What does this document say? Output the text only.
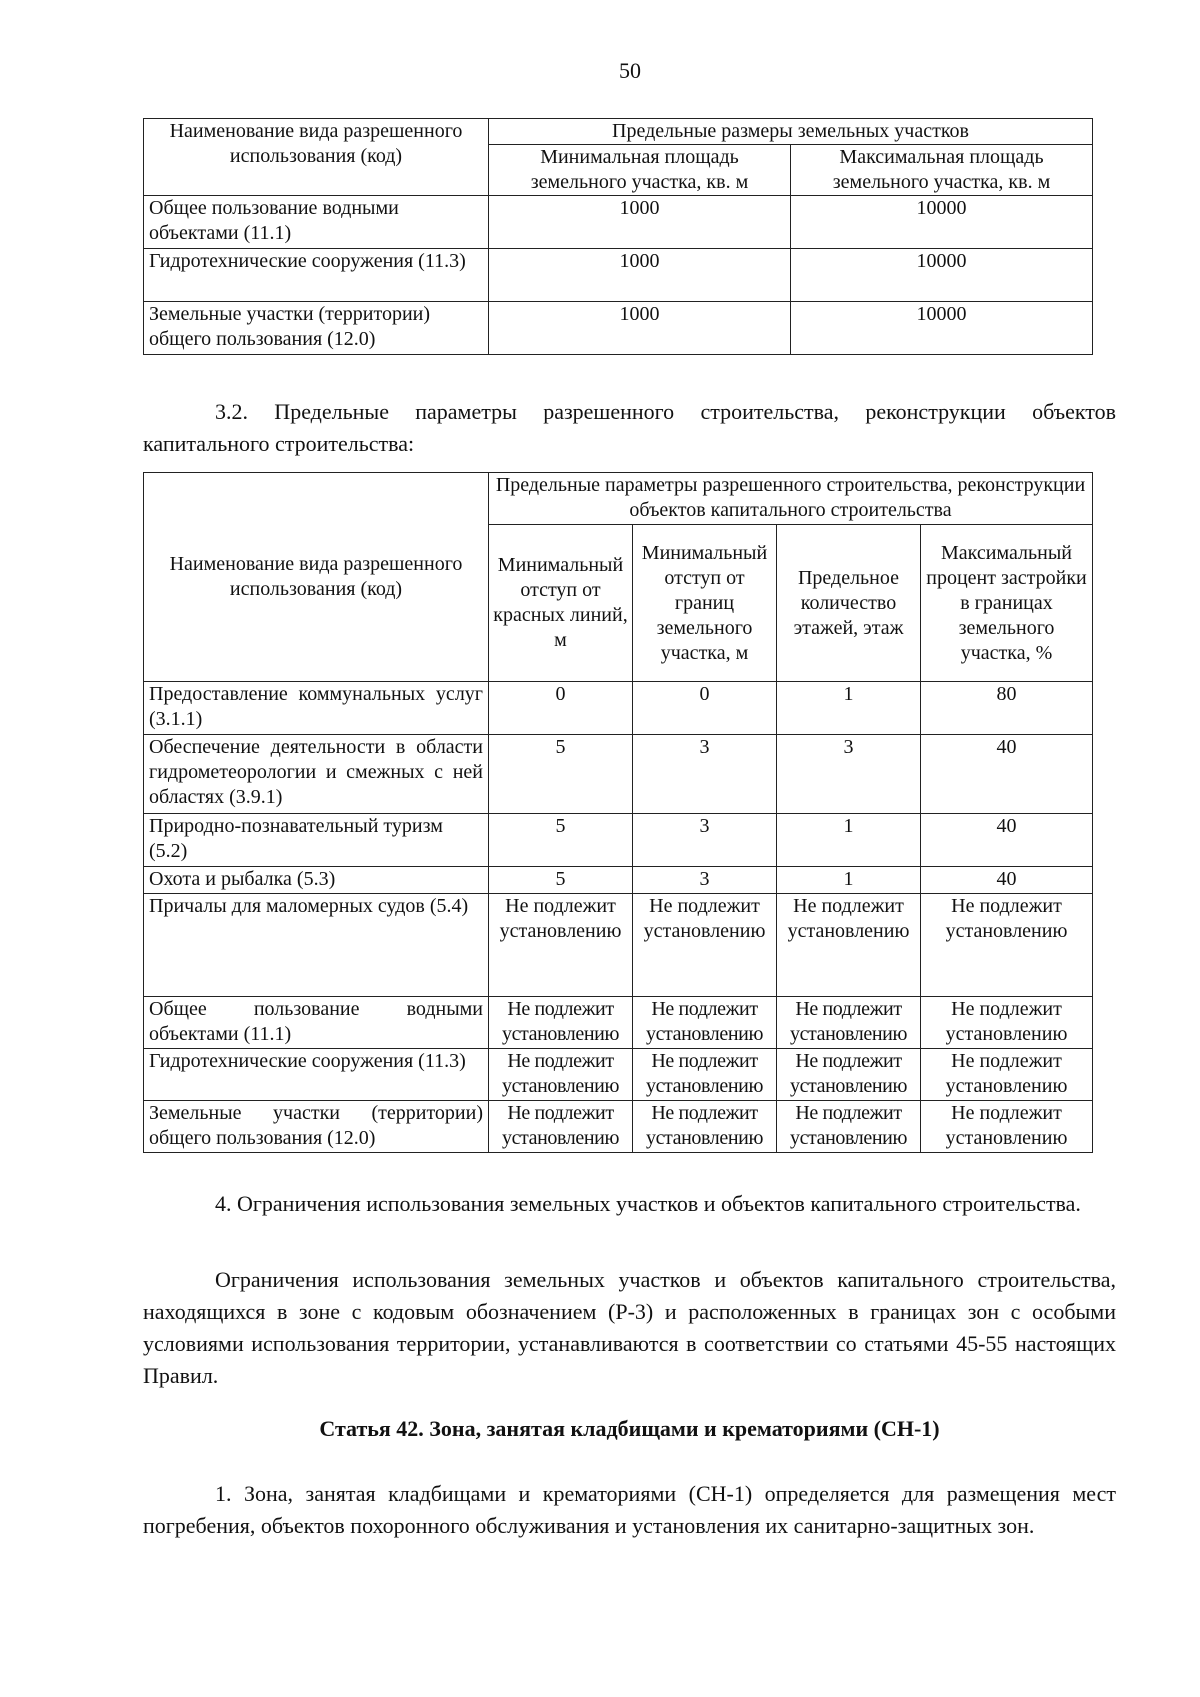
50
Наименование вида разрешенного использования (код)	Предельные размеры земельных участков	
	Минимальная площадь земельного участка, кв. м	Максимальная площадь земельного участка, кв. м
Общее пользование водными объектами (11.1)	1000	10000
Гидротехнические сооружения (11.3)	1000	10000
Земельные участки (территории) общего пользования (12.0)	1000	10000

3.2. Предельные параметры разрешенного строительства, реконструкции объектов капитального строительства:

Наименование вида разрешенного использования (код)	Предельные параметры разрешенного строительства, реконструкции объектов капитального строительства			
	Минимальный отступ от красных линий, м	Минимальный отступ от границ земельного участка, м	Предельное количество этажей, этаж	Максимальный процент застройки в границах земельного участка, %
Предоставление коммунальных услуг (3.1.1)	0	0	1	80
Обеспечение деятельности в области гидрометеорологии и смежных с ней областях (3.9.1)	5	3	3	40
Природно-познавательный туризм (5.2)	5	3	1	40
Охота и рыбалка (5.3)	5	3	1	40
Причалы для маломерных судов (5.4)	Не подлежит установлению	Не подлежит установлению	Не подлежит установлению	Не подлежит установлению
Общее пользование водными объектами (11.1)	Не подлежит установлению	Не подлежит установлению	Не подлежит установлению	Не подлежит установлению
Гидротехнические сооружения (11.3)	Не подлежит установлению	Не подлежит установлению	Не подлежит установлению	Не подлежит установлению
Земельные участки (территории) общего пользования (12.0)	Не подлежит установлению	Не подлежит установлению	Не подлежит установлению	Не подлежит установлению

4. Ограничения использования земельных участков и объектов капитального строительства.

Ограничения использования земельных участков и объектов капитального строительства, находящихся в зоне с кодовым обозначением (Р-3) и расположенных в границах зон с особыми условиями использования территории, устанавливаются в соответствии со статьями 45-55 настоящих Правил.

Статья 42. Зона, занятая кладбищами и крематориями (СН-1)

1. Зона, занятая кладбищами и крематориями (СН-1) определяется для размещения мест погребения, объектов похоронного обслуживания и установления их санитарно-защитных зон.
